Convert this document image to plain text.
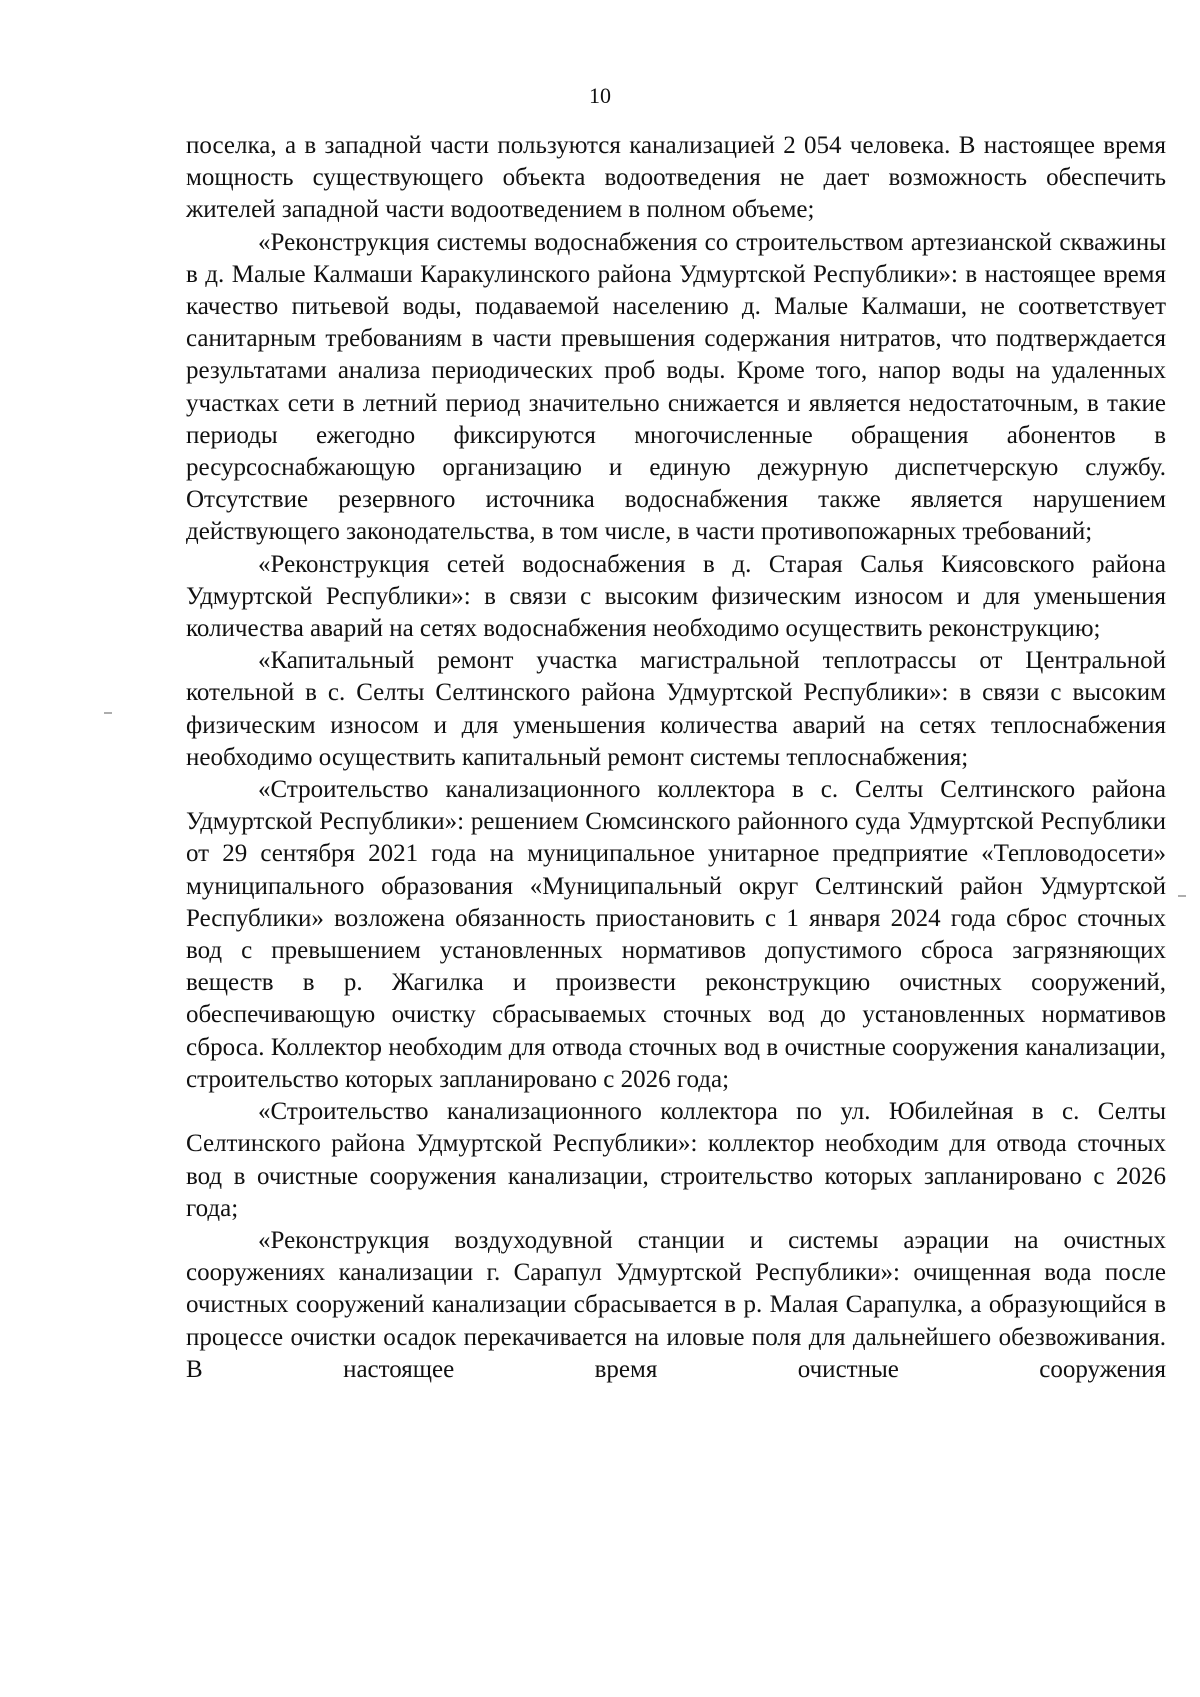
10

поселка, а в западной части пользуются канализацией 2 054 человека. В настоящее время мощность существующего объекта водоотведения не дает возможность обеспечить жителей западной части водоотведением в полном объеме;

«Реконструкция системы водоснабжения со строительством артезианской скважины в д. Малые Калмаши Каракулинского района Удмуртской Республики»: в настоящее время качество питьевой воды, подаваемой населению д. Малые Калмаши, не соответствует санитарным требованиям в части превышения содержания нитратов, что подтверждается результатами анализа периодических проб воды. Кроме того, напор воды на удаленных участках сети в летний период значительно снижается и является недостаточным, в такие периоды ежегодно фиксируются многочисленные обращения абонентов в ресурсоснабжающую организацию и единую дежурную диспетчерскую службу. Отсутствие резервного источника водоснабжения также является нарушением действующего законодательства, в том числе, в части противопожарных требований;

«Реконструкция сетей водоснабжения в д. Старая Салья Киясовского района Удмуртской Республики»: в связи с высоким физическим износом и для уменьшения количества аварий на сетях водоснабжения необходимо осуществить реконструкцию;

«Капитальный ремонт участка магистральной теплотрассы от Центральной котельной в с. Селты Селтинского района Удмуртской Республики»: в связи с высоким физическим износом и для уменьшения количества аварий на сетях теплоснабжения необходимо осуществить капитальный ремонт системы теплоснабжения;

«Строительство канализационного коллектора в с. Селты Селтинского района Удмуртской Республики»: решением Сюмсинского районного суда Удмуртской Республики от 29 сентября 2021 года на муниципальное унитарное предприятие «Тепловодосети» муниципального образования «Муниципальный округ Селтинский район Удмуртской Республики» возложена обязанность приостановить с 1 января 2024 года сброс сточных вод с превышением установленных нормативов допустимого сброса загрязняющих веществ в р. Жагилка и произвести реконструкцию очистных сооружений, обеспечивающую очистку сбрасываемых сточных вод до установленных нормативов сброса. Коллектор необходим для отвода сточных вод в очистные сооружения канализации, строительство которых запланировано с 2026 года;

«Строительство канализационного коллектора по ул. Юбилейная в с. Селты Селтинского района Удмуртской Республики»: коллектор необходим для отвода сточных вод в очистные сооружения канализации, строительство которых запланировано с 2026 года;

«Реконструкция воздуходувной станции и системы аэрации на очистных сооружениях канализации г. Сарапул Удмуртской Республики»: очищенная вода после очистных сооружений канализации сбрасывается в р. Малая Сарапулка, а образующийся в процессе очистки осадок перекачивается на иловые поля для дальнейшего обезвоживания. В настоящее время очистные сооружения
